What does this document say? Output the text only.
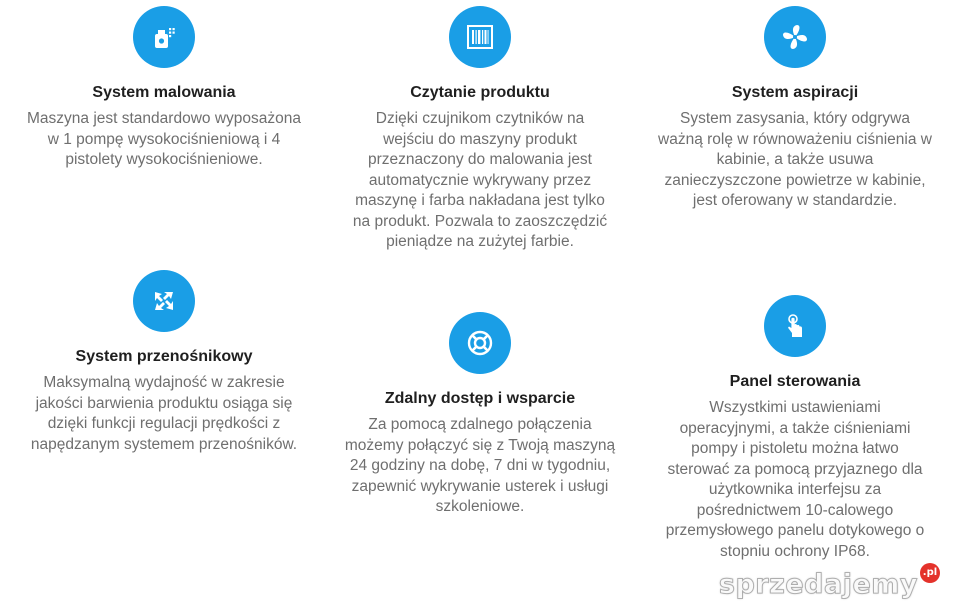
System malowania
Maszyna jest standardowo wyposażona w 1 pompę wysokociśnieniową i 4 pistolety wysokociśnieniowe.
Czytanie produktu
Dzięki czujnikom czytników na wejściu do maszyny produkt przeznaczony do malowania jest automatycznie wykrywany przez maszynę i farba nakładana jest tylko na produkt. Pozwala to zaoszczędzić pieniądze na zużytej farbie.
System aspiracji
System zasysania, który odgrywa ważną rolę w równoważeniu ciśnienia w kabinie, a także usuwa zanieczyszczone powietrze w kabinie, jest oferowany w standardzie.
System przenośnikowy
Maksymalną wydajność w zakresie jakości barwienia produktu osiąga się dzięki funkcji regulacji prędkości z napędzanym systemem przenośników.
Zdalny dostęp i wsparcie
Za pomocą zdalnego połączenia możemy połączyć się z Twoją maszyną 24 godziny na dobę, 7 dni w tygodniu, zapewnić wykrywanie usterek i usługi szkoleniowe.
Panel sterowania
Wszystkimi ustawieniami operacyjnymi, a także ciśnieniami pompy i pistoletu można łatwo sterować za pomocą przyjaznego dla użytkownika interfejsu za pośrednictwem 10-calowego przemysłowego panelu dotykowego o stopniu ochrony IP68.
sprzedajemy .pl
